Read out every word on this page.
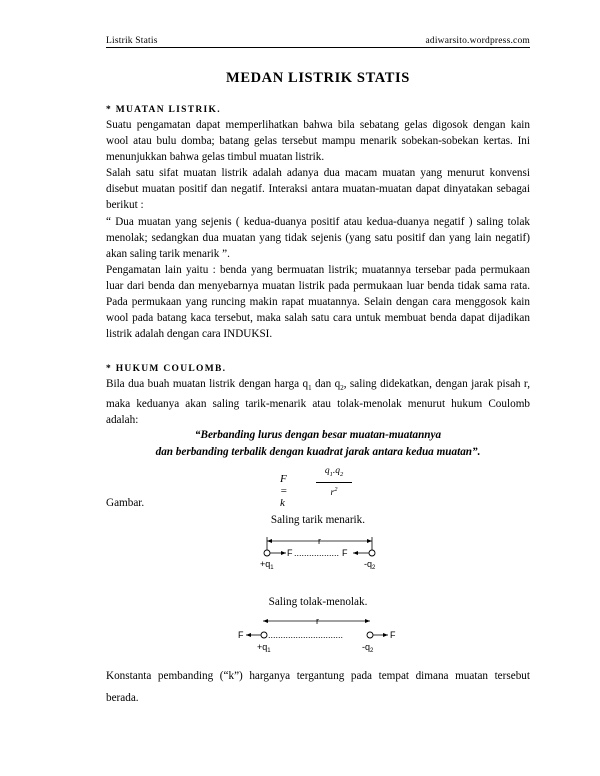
Listrik Statis	adiwarsito.wordpress.com
MEDAN LISTRIK STATIS
* MUATAN LISTRIK.

Suatu pengamatan dapat memperlihatkan bahwa bila sebatang gelas digosok dengan kain wool atau bulu domba; batang gelas tersebut mampu menarik sobekan-sobekan kertas. Ini menunjukkan bahwa gelas timbul muatan listrik.

Salah satu sifat muatan listrik adalah adanya dua macam muatan yang menurut konvensi disebut muatan positif dan negatif. Interaksi antara muatan-muatan dapat dinyatakan sebagai berikut :

“ Dua muatan yang sejenis ( kedua-duanya positif atau kedua-duanya negatif ) saling tolak menolak; sedangkan dua muatan yang tidak sejenis (yang satu positif dan yang lain negatif) akan saling tarik menarik ”.

Pengamatan lain yaitu : benda yang bermuatan listrik; muatannya tersebar pada permukaan luar dari benda dan menyebarnya muatan listrik pada permukaan luar benda tidak sama rata. Pada permukaan yang runcing makin rapat muatannya. Selain dengan cara menggosok kain wool pada batang kaca tersebut, maka salah satu cara untuk membuat benda dapat dijadikan listrik adalah dengan cara INDUKSI.

* HUKUM COULOMB.

Bila dua buah muatan listrik dengan harga $q_1$ dan $q_2$, saling didekatkan, dengan jarak pisah r, maka keduanya akan saling tarik-menarik atau tolak-menolak menurut hukum Coulomb adalah:

“Berbanding lurus dengan besar muatan-muatannya
dan berbanding terbalik dengan kuadrat jarak antara kedua muatan”.
F = k
$q_1.q_2$
$r^2$
Gambar.
Saling tarik menarik.
r
F .................. F
$+q_1$	$-q_2$
Saling tolak-menolak.
r
F	..............................	F
$+q_1$	$-q_2$

Konstanta pembanding (“k”) harganya tergantung pada tempat dimana muatan tersebut berada.
